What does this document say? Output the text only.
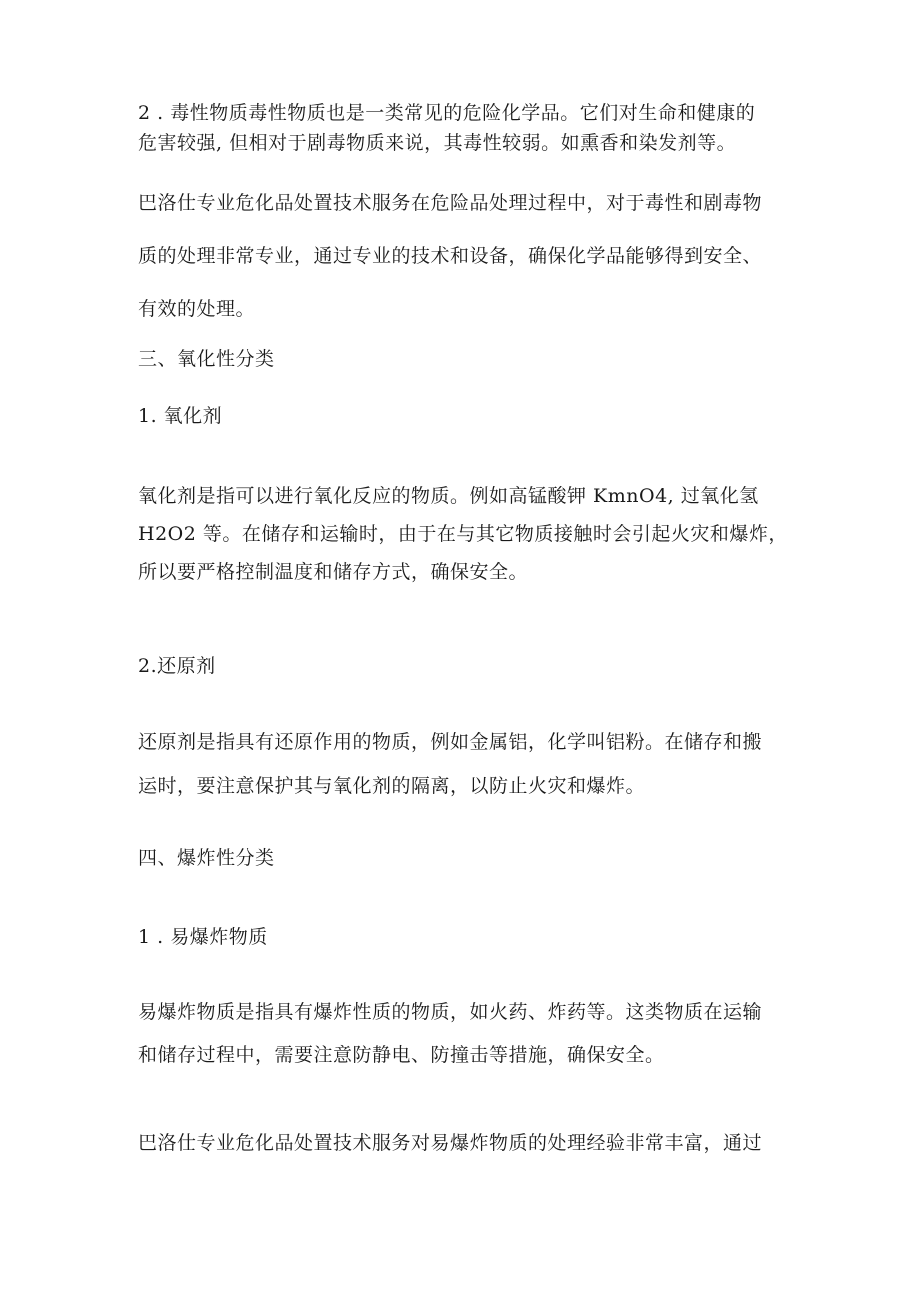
2 . 毒性物质毒性物质也是一类常见的危险化学品。它们对生命和健康的
危害较强, 但相对于剧毒物质来说，其毒性较弱。如熏香和染发剂等。

巴洛仕专业危化品处置技术服务在危险品处理过程中，对于毒性和剧毒物
质的处理非常专业，通过专业的技术和设备，确保化学品能够得到安全、
有效的处理。

三、氧化性分类

1. 氧化剂

氧化剂是指可以进行氧化反应的物质。例如高锰酸钾 KmnO4, 过氧化氢
H2O2 等。在储存和运输时，由于在与其它物质接触时会引起火灾和爆炸，
所以要严格控制温度和储存方式，确保安全。

2.还原剂

还原剂是指具有还原作用的物质，例如金属铝，化学叫铝粉。在储存和搬
运时，要注意保护其与氧化剂的隔离，以防止火灾和爆炸。

四、爆炸性分类

1 . 易爆炸物质

易爆炸物质是指具有爆炸性质的物质，如火药、炸药等。这类物质在运输
和储存过程中，需要注意防静电、防撞击等措施，确保安全。

巴洛仕专业危化品处置技术服务对易爆炸物质的处理经验非常丰富，通过
